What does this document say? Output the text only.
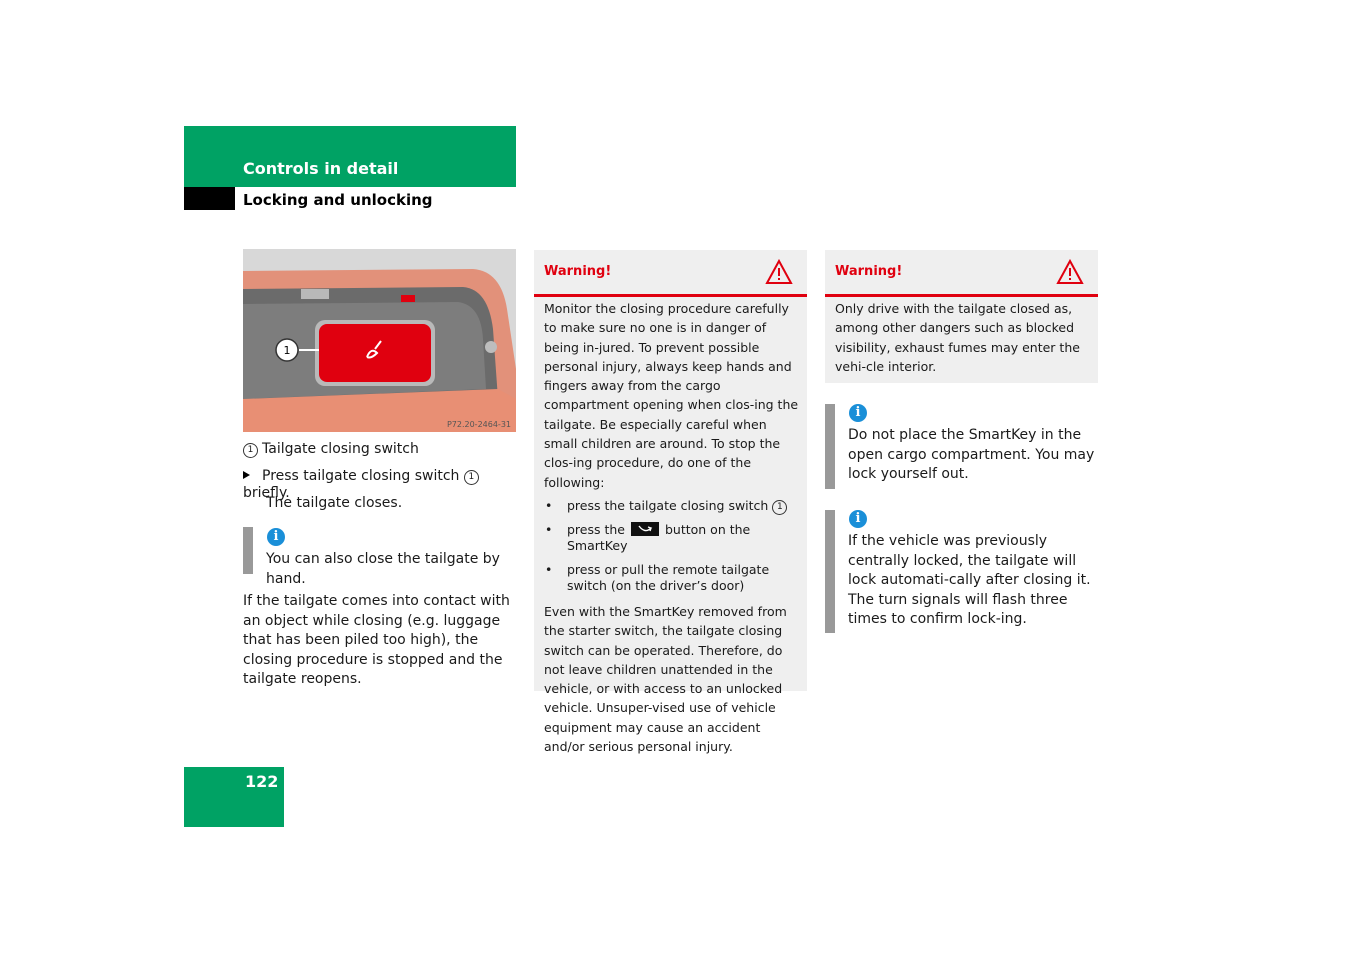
Controls in detail
Locking and unlocking
1
P72.20-2464-31
1 Tailgate closing switch
Press tailgate closing switch 1briefly.
The tailgate closes.
i
You can also close the tailgate by hand.
If the tailgate comes into contact with an object while closing (e.g. luggage that has been piled too high), the closing procedure is stopped and the tailgate reopens.
Warning!

Monitor the closing procedure carefully to make sure no one is in danger of being in-jured. To prevent possible personal injury, always keep hands and fingers away from the cargo compartment opening when clos-ing the tailgate. Be especially careful when small children are around. To stop the clos-ing procedure, do one of the following:

• press the tailgate closing switch 1
• press the	button on the SmartKey
• press or pull the remote tailgate switch (on the driver’s door)

Even with the SmartKey removed from the starter switch, the tailgate closing switch can be operated. Therefore, do not leave children unattended in the vehicle, or with access to an unlocked vehicle. Unsuper-vised use of vehicle equipment may cause an accident and/or serious personal injury.

Warning!
Only drive with the tailgate closed as, among other dangers such as blocked visibility, exhaust fumes may enter the vehi-cle interior.
i
Do not place the SmartKey in the open cargo compartment. You may lock yourself out.
i
If the vehicle was previously centrally locked, the tailgate will lock automati-cally after closing it. The turn signals will flash three times to confirm lock-ing.
122
